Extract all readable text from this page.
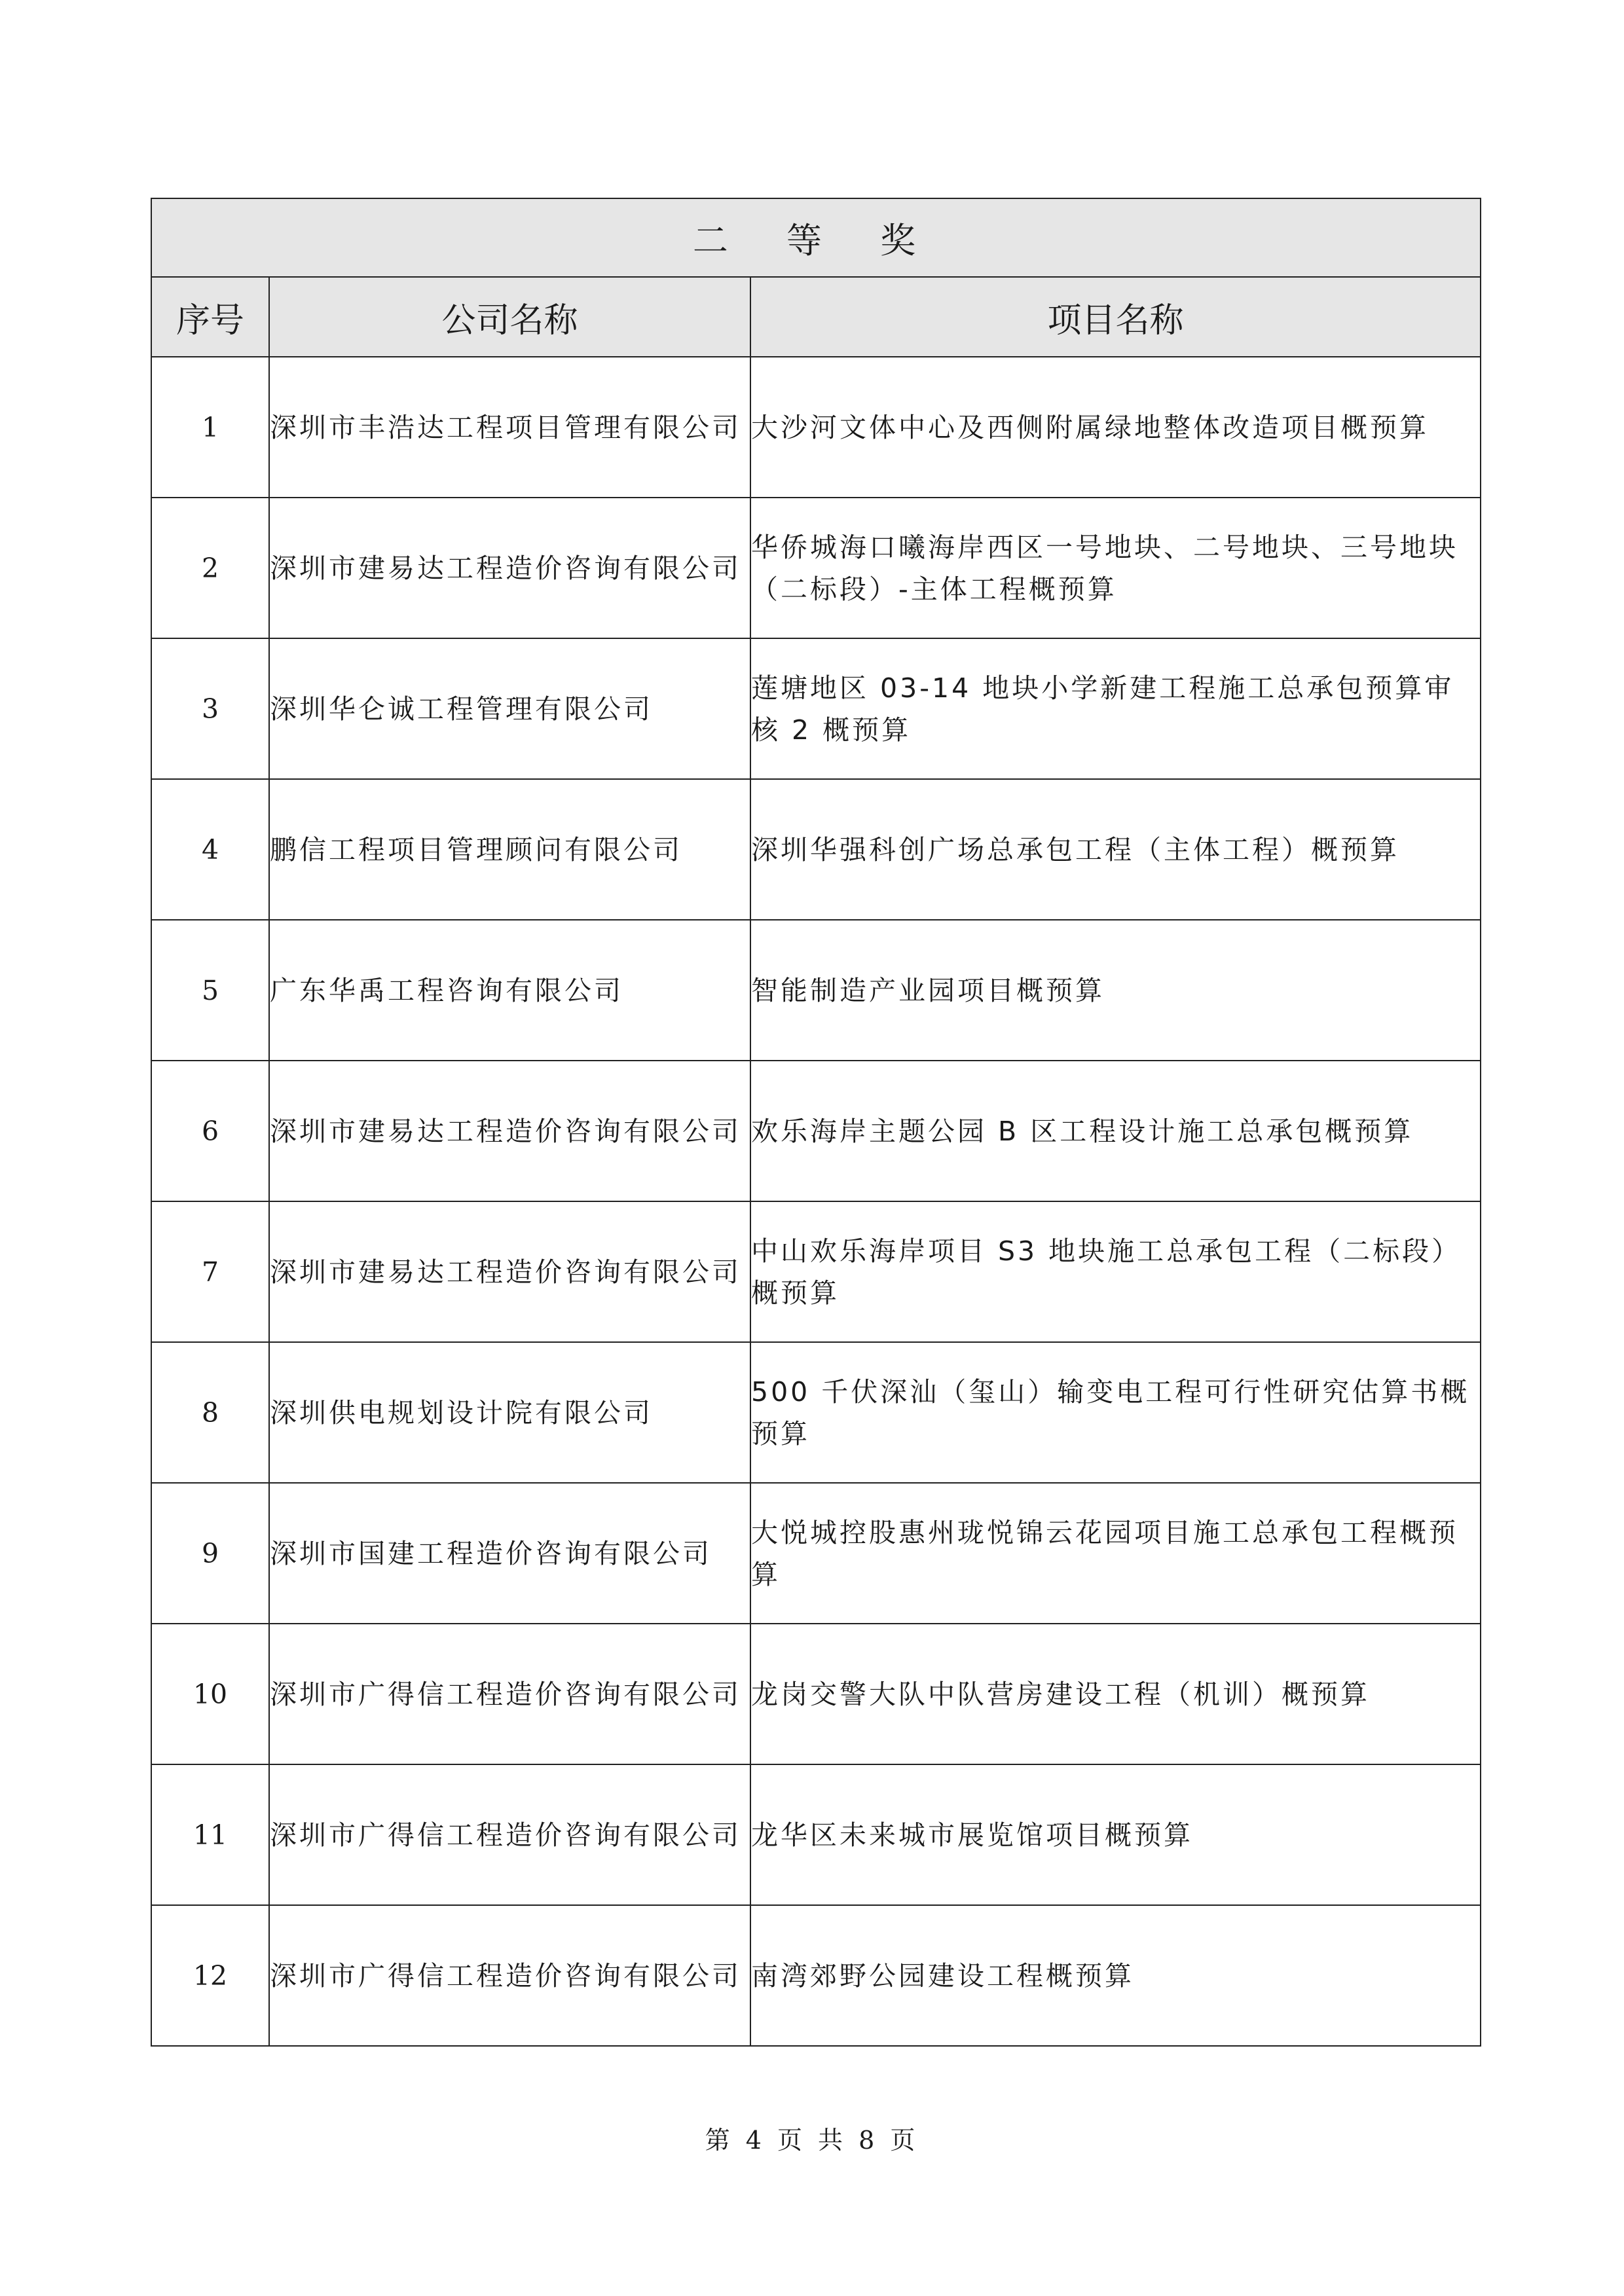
二 等 奖		
序号	公司名称	项目名称
1	深圳市丰浩达工程项目管理有限公司	大沙河文体中心及西侧附属绿地整体改造项目概预算
2	深圳市建易达工程造价咨询有限公司	华侨城海口曦海岸西区一号地块、二号地块、三号地块（二标段）-主体工程概预算
3	深圳华仑诚工程管理有限公司	莲塘地区 03-14 地块小学新建工程施工总承包预算审核 2 概预算
4	鹏信工程项目管理顾问有限公司	深圳华强科创广场总承包工程（主体工程）概预算
5	广东华禹工程咨询有限公司	智能制造产业园项目概预算
6	深圳市建易达工程造价咨询有限公司	欢乐海岸主题公园 B 区工程设计施工总承包概预算
7	深圳市建易达工程造价咨询有限公司	中山欢乐海岸项目 S3 地块施工总承包工程（二标段）概预算
8	深圳供电规划设计院有限公司	500 千伏深汕（玺山）输变电工程可行性研究估算书概预算
9	深圳市国建工程造价咨询有限公司	大悦城控股惠州珑悦锦云花园项目施工总承包工程概预算
10	深圳市广得信工程造价咨询有限公司	龙岗交警大队中队营房建设工程（机训）概预算
11	深圳市广得信工程造价咨询有限公司	龙华区未来城市展览馆项目概预算
12	深圳市广得信工程造价咨询有限公司	南湾郊野公园建设工程概预算
第 4 页 共 8 页
